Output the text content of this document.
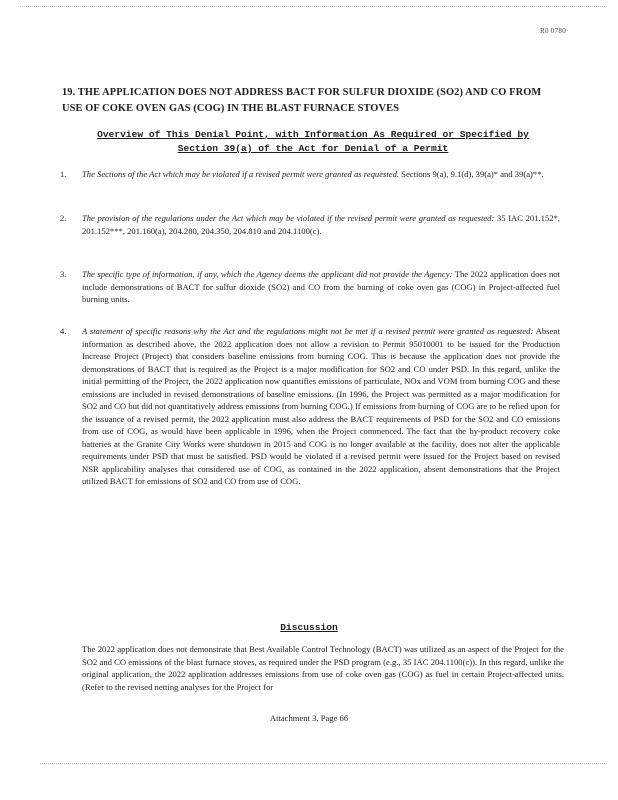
R0 0780
19. THE APPLICATION DOES NOT ADDRESS BACT FOR SULFUR DIOXIDE (SO2) AND CO FROM USE OF COKE OVEN GAS (COG) IN THE BLAST FURNACE STOVES
Overview of This Denial Point, with Information As Required or Specified by Section 39(a) of the Act for Denial of a Permit
1.	The Sections of the Act which may be violated if a revised permit were granted as requested. Sections 9(a), 9.1(d), 39(a)* and 39(a)**.
2.	The provision of the regulations under the Act which may be violated if the revised permit were granted as requested: 35 IAC 201.152*, 201.152***, 201.160(a), 204.280, 204.350, 204.810 and 204.1100(c).
3.	The specific type of information, if any, which the Agency deems the applicant did not provide the Agency: The 2022 application does not include demonstrations of BACT for sulfur dioxide (SO2) and CO from the burning of coke oven gas (COG) in Project-affected fuel burning units.
4.	A statement of specific reasons why the Act and the regulations might not be met if a revised permit were granted as requested: Absent information as described above, the 2022 application does not allow a revision to Permit 95010001 to be issued for the Production Increase Project (Project) that considers baseline emissions from burning COG. This is because the application does not provide the demonstrations of BACT that is required as the Project is a major modification for SO2 and CO under PSD. In this regard, unlike the initial permitting of the Project, the 2022 application now quantifies emissions of particulate, NOx and VOM from burning COG and these emissions are included in revised demonstrations of baseline emissions. (In 1996, the Project was permitted as a major modification for SO2 and CO but did not quantitatively address emissions from burning COG.) If emissions from burning of COG are to be relied upon for the issuance of a revised permit, the 2022 application must also address the BACT requirements of PSD for the SO2 and CO emissions from use of COG, as would have been applicable in 1996, when the Project commenced. The fact that the by-product recovery coke batteries at the Granite City Works were shutdown in 2015 and COG is no longer available at the facility, does not alter the applicable requirements under PSD that must be satisfied. PSD would be violated if a revised permit were issued for the Project based on revised NSR applicability analyses that considered use of COG, as contained in the 2022 application, absent demonstrations that the Project utilized BACT for emissions of SO2 and CO from use of COG.
Discussion
The 2022 application does not demonstrate that Best Available Control Technology (BACT) was utilized as an aspect of the Project for the SO2 and CO emissions of the blast furnace stoves, as required under the PSD program (e.g., 35 IAC 204.1100(c)). In this regard, unlike the original application, the 2022 application addresses emissions from use of coke oven gas (COG) as fuel in certain Project-affected units. (Refer to the revised netting analyses for the Project for
Attachment 3, Page 66
